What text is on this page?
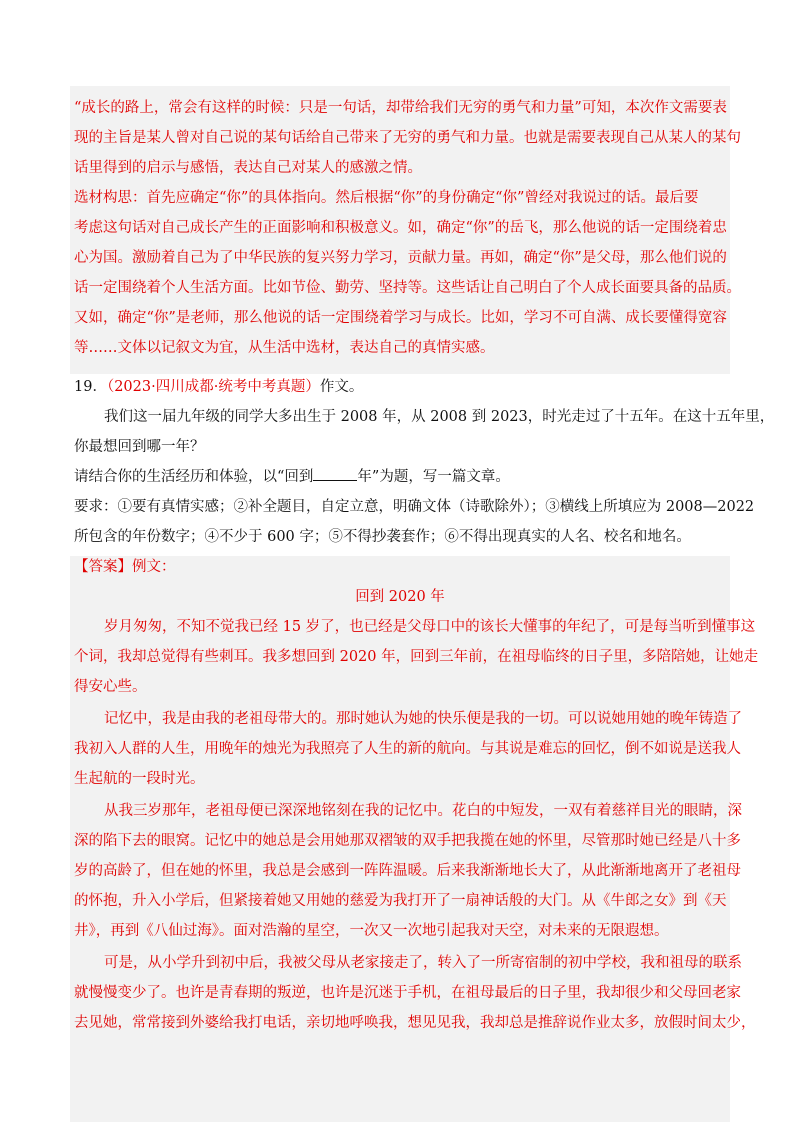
“成长的路上，常会有这样的时候：只是一句话，却带给我们无穷的勇气和力量”可知，本次作文需要表
现的主旨是某人曾对自己说的某句话给自己带来了无穷的勇气和力量。也就是需要表现自己从某人的某句
话里得到的启示与感悟，表达自己对某人的感激之情。
选材构思：首先应确定“你”的具体指向。然后根据“你”的身份确定“你”曾经对我说过的话。最后要
考虑这句话对自己成长产生的正面影响和积极意义。如，确定“你”的岳飞，那么他说的话一定围绕着忠
心为国。激励着自己为了中华民族的复兴努力学习，贡献力量。再如，确定“你”是父母，那么他们说的
话一定围绕着个人生活方面。比如节俭、勤劳、坚持等。这些话让自己明白了个人成长面要具备的品质。
又如，确定“你”是老师，那么他说的话一定围绕着学习与成长。比如，学习不可自满、成长要懂得宽容
等……文体以记叙文为宜，从生活中选材，表达自己的真情实感。
19．（2023·四川成都·统考中考真题）作文。
我们这一届九年级的同学大多出生于 2008 年，从 2008 到 2023，时光走过了十五年。在这十五年里，
你最想回到哪一年？
请结合你的生活经历和体验，以“回到	年”为题，写一篇文章。
要求：①要有真情实感；②补全题目，自定立意，明确文体（诗歌除外）；③横线上所填应为 2008—2022
所包含的年份数字；④不少于 600 字；⑤不得抄袭套作；⑥不得出现真实的人名、校名和地名。
【答案】例文：
回到 2020 年
岁月匆匆，不知不觉我已经 15 岁了，也已经是父母口中的该长大懂事的年纪了，可是每当听到懂事这
个词，我却总觉得有些刺耳。我多想回到 2020 年，回到三年前，在祖母临终的日子里，多陪陪她，让她走
得安心些。
记忆中，我是由我的老祖母带大的。那时她认为她的快乐便是我的一切。可以说她用她的晚年铸造了
我初入人群的人生，用晚年的烛光为我照亮了人生的新的航向。与其说是难忘的回忆，倒不如说是送我人
生起航的一段时光。
从我三岁那年，老祖母便已深深地铭刻在我的记忆中。花白的中短发，一双有着慈祥目光的眼睛，深
深的陷下去的眼窝。记忆中的她总是会用她那双褶皱的双手把我揽在她的怀里，尽管那时她已经是八十多
岁的高龄了，但在她的怀里，我总是会感到一阵阵温暖。后来我渐渐地长大了，从此渐渐地离开了老祖母
的怀抱，升入小学后，但紧接着她又用她的慈爱为我打开了一扇神话般的大门。从《牛郎之女》到《天
井》，再到《八仙过海》。面对浩瀚的星空，一次又一次地引起我对天空，对未来的无限遐想。
可是，从小学升到初中后，我被父母从老家接走了，转入了一所寄宿制的初中学校，我和祖母的联系
就慢慢变少了。也许是青春期的叛逆，也许是沉迷于手机，在祖母最后的日子里，我却很少和父母回老家
去见她，常常接到外婆给我打电话，亲切地呼唤我，想见见我，我却总是推辞说作业太多，放假时间太少，
